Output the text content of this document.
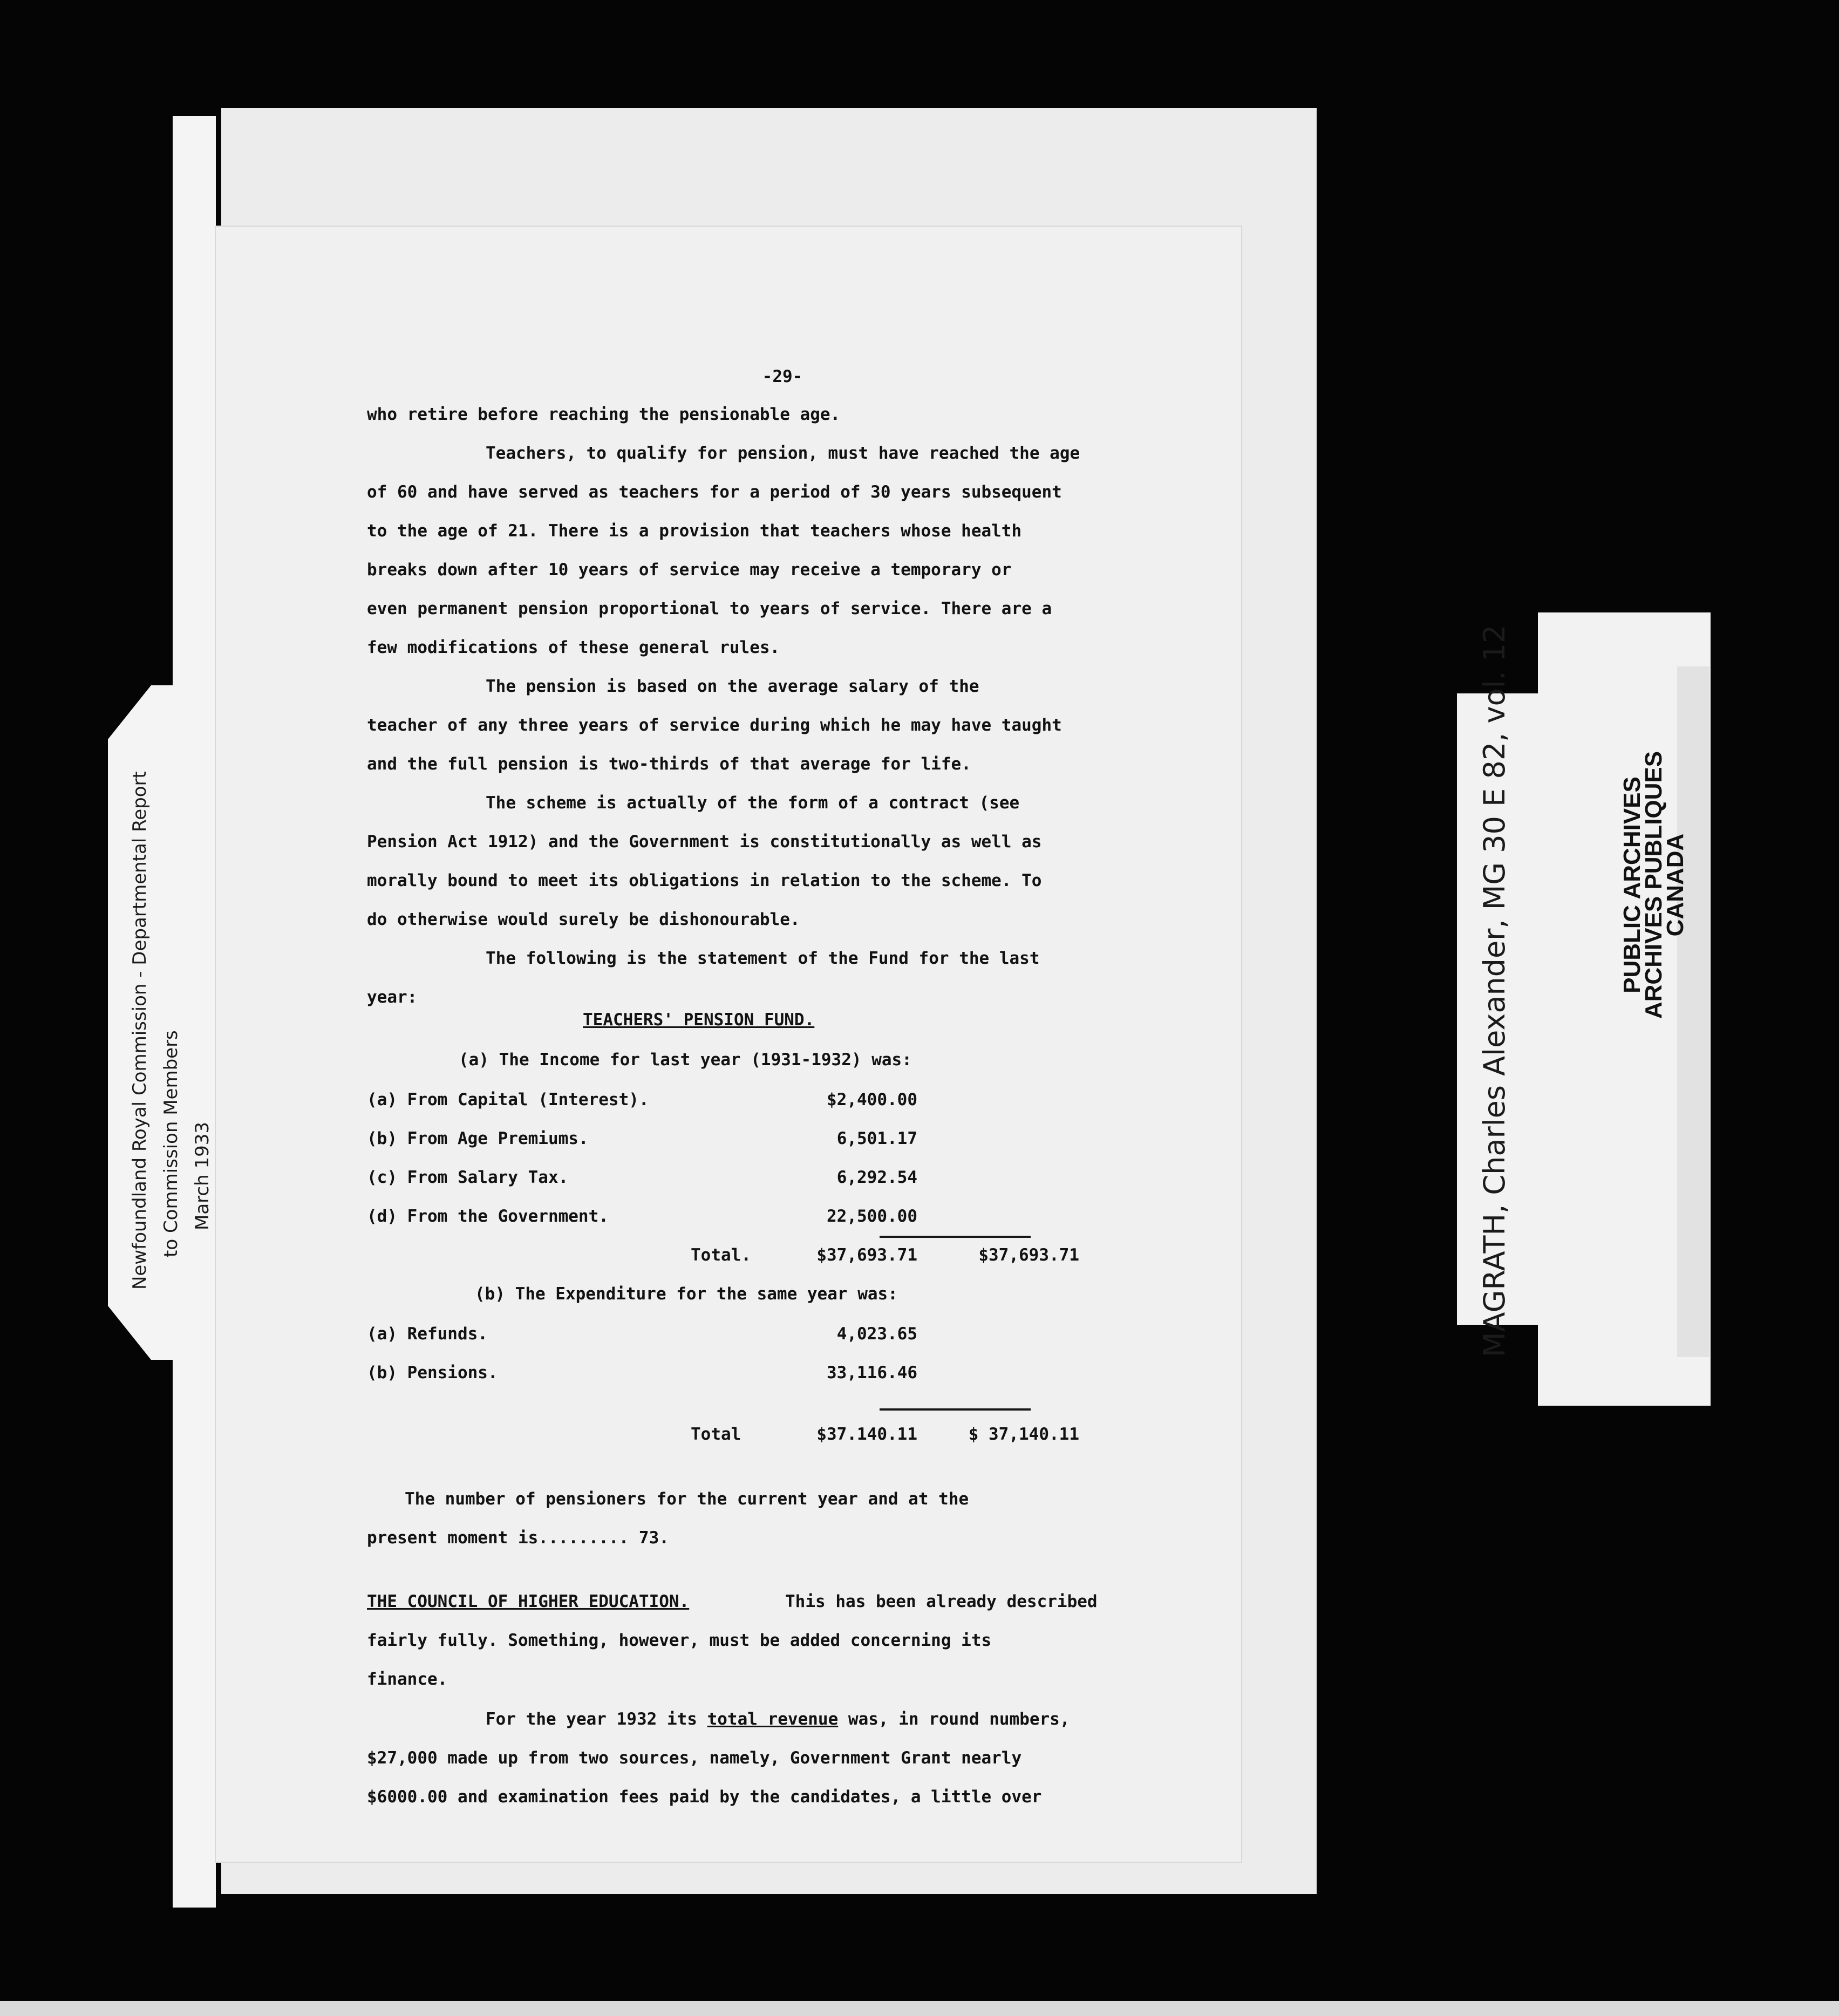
Newfoundland Royal Commission - Departmental Report to Commission Members March 1933
-29-
who retire before reaching the pensionable age.
Teachers, to qualify for pension, must have reached the age
of 60 and have served as teachers for a period of 30 years subsequent
to the age of 21. There is a provision that teachers whose health
breaks down after 10 years of service may receive a temporary or
even permanent pension proportional to years of service. There are a
few modifications of these general rules.
The pension is based on the average salary of the
teacher of any three years of service during which he may have taught
and the full pension is two-thirds of that average for life.
The scheme is actually of the form of a contract (see
Pension Act 1912) and the Government is constitutionally as well as
morally bound to meet its obligations in relation to the scheme. To
do otherwise would surely be dishonourable.
The following is the statement of the Fund for the last
year:
TEACHERS' PENSION FUND.
(a) The Income for last year (1931-1932) was:
(a) From Capital (Interest).	$2,400.00
(b) From Age Premiums.	6,501.17
(c) From Salary Tax.	6,292.54
(d) From the Government.	22,500.00
Total.	$37,693.71	$37,693.71
(b) The Expenditure for the same year was:
(a) Refunds.	4,023.65
(b) Pensions.	33,116.46
Total	$37.140.11	$ 37,140.11
The number of pensioners for the current year and at the
present moment is......... 73.
THE COUNCIL OF HIGHER EDUCATION.	This has been already described
fairly fully. Something, however, must be added concerning its
finance.
For the year 1932 its total revenue was, in round numbers,
$27,000 made up from two sources, namely, Government Grant nearly
$6000.00 and examination fees paid by the candidates, a little over
PUBLIC ARCHIVES
ARCHIVES PUBLIQUES
CANADA
MAGRATH, Charles Alexander, MG 30 E 82, vol. 12
